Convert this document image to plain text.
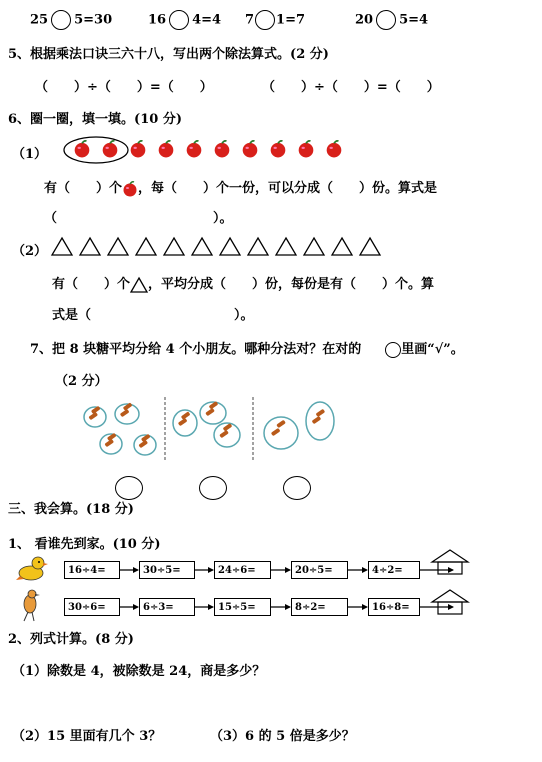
25 5=30	16 4=4 7 1=7	20 5=4
5、根据乘法口诀三六十八，写出两个除法算式。(2 分)
（　　）÷（　　）=（　　）	（　　）÷（　　）=（　　）
6、圈一圈，填一填。(10 分)
（1）
有（　　）个 ，每（　　）个一份，可以分成（　　）份。算式是
（　　　　　　　　　　　　）。
（2）
有（　　）个 ，平均分成（　　）份，每份是有（　　）个。算
式是（　　　　　　　　　　　）。
7、把 8 块糖平均分给 4 个小朋友。哪种分法对？在对的	里画“√”。
（2 分）
三、我会算。(18 分)
1、 看谁先到家。(10 分)
16÷4=	30÷5=	24÷6=	20÷5=	4÷2=
30÷6=	6÷3=	15÷5=	8÷2=	16÷8=
2、列式计算。(8 分)
（1）除数是 4，被除数是 24，商是多少？
（2）15 里面有几个 3？	（3）6 的 5 倍是多少？
